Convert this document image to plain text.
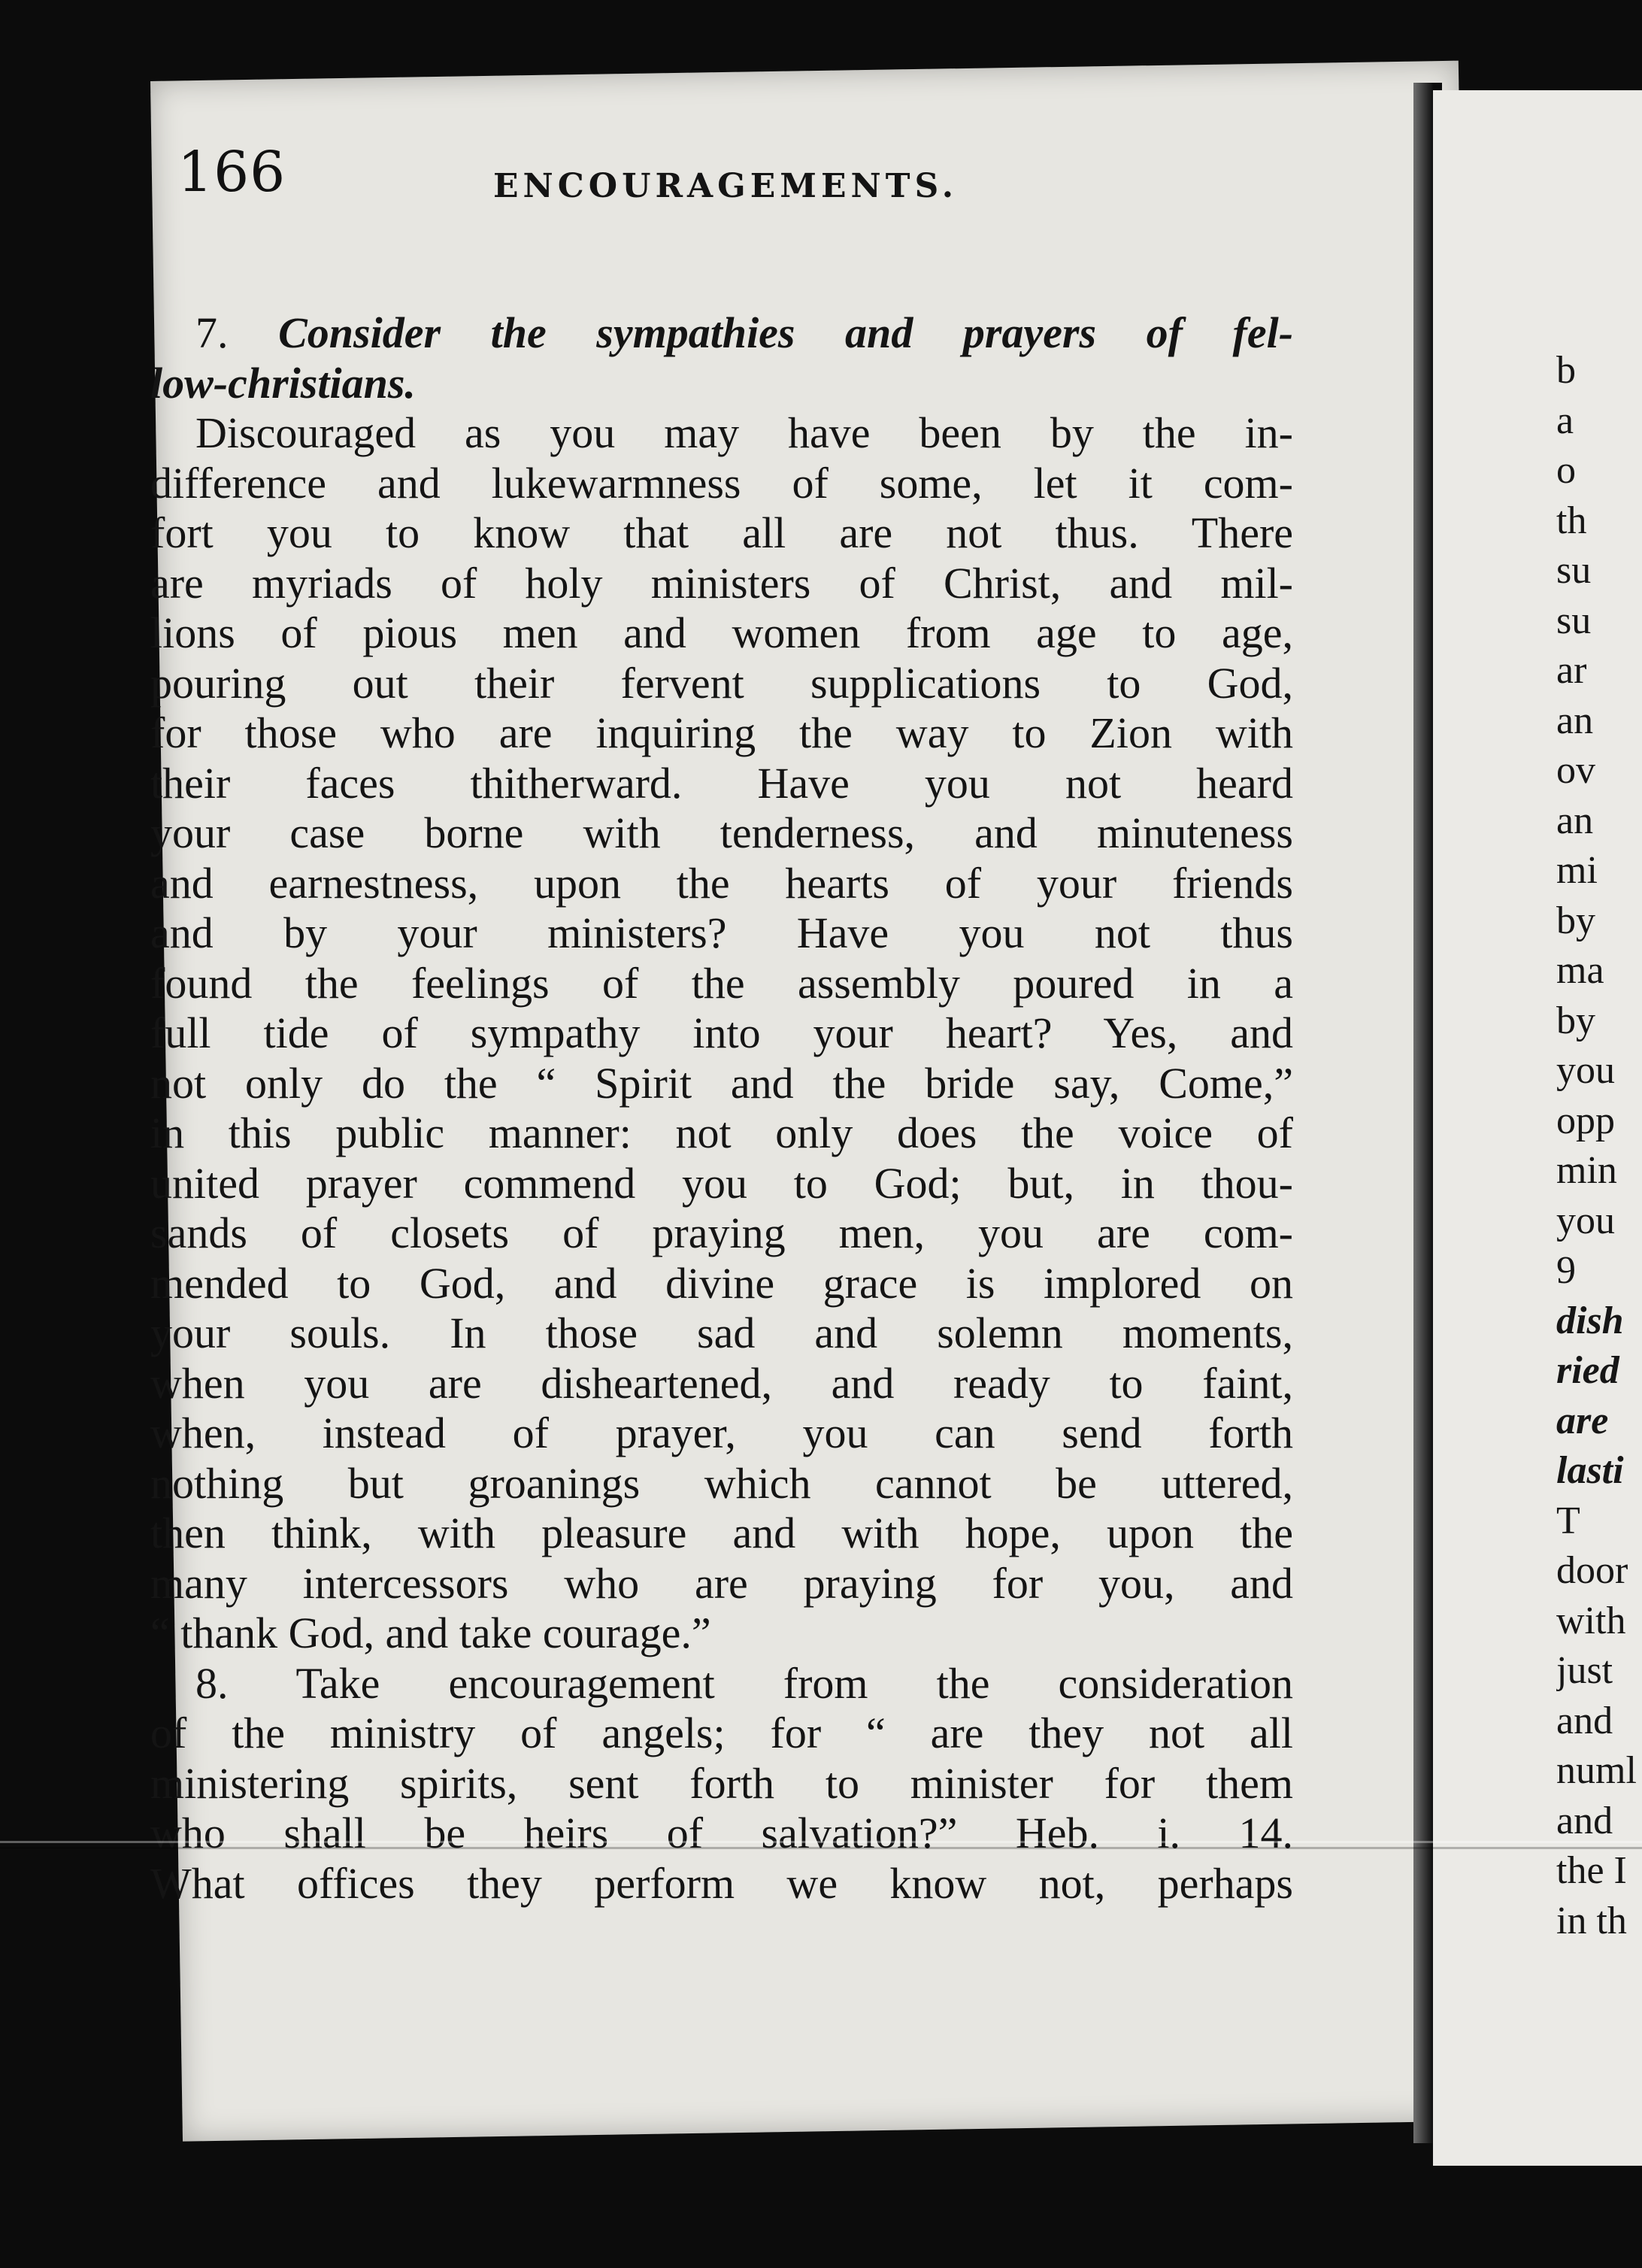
166	ENCOURAGEMENTS.
7. Consider the sympathies and prayers of fel-
low-christians.
Discouraged as you may have been by the in-
difference and lukewarmness of some, let it com-
fort you to know that all are not thus. There
are myriads of holy ministers of Christ, and mil-
lions of pious men and women from age to age,
pouring out their fervent supplications to God,
for those who are inquiring the way to Zion with
their faces thitherward. Have you not heard
your case borne with tenderness, and minuteness
and earnestness, upon the hearts of your friends
and by your ministers? Have you not thus
found the feelings of the assembly poured in a
full tide of sympathy into your heart? Yes, and
not only do the “ Spirit and the bride say, Come,”
in this public manner: not only does the voice of
united prayer commend you to God; but, in thou-
sands of closets of praying men, you are com-
mended to God, and divine grace is implored on
your souls. In those sad and solemn moments,
when you are disheartened, and ready to faint,
when, instead of prayer, you can send forth
nothing but groanings which cannot be uttered,
then think, with pleasure and with hope, upon the
many intercessors who are praying for you, and
“ thank God, and take courage.”
8. Take encouragement from the consideration
of the ministry of angels; for “ are they not all
ministering spirits, sent forth to minister for them
who shall be heirs of salvation?” Heb. i. 14.
What offices they perform we know not, perhaps
b
a
o
th
su
su
ar
an
ov
an
mi
by
ma
by
you
opp
min
you
9
dish
ried
are
lasti
T
door
with
just
and
numl
and
the I
in th
